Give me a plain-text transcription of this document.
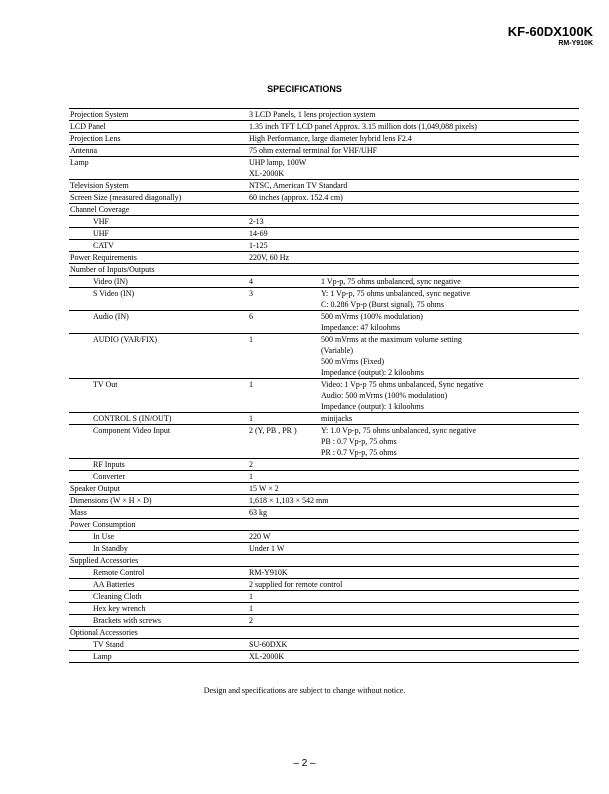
KF-60DX100K
RM-Y910K
SPECIFICATIONS
Projection System	3 LCD Panels, 1 lens projection system	

LCD Panel	1.35 inch TFT LCD panel Approx. 3.15 million dots (1,049,088 pixels)	

Projection Lens	High Performance, large diameter hybrid lens F2.4	

Antenna	75 ohm external terminal for VHF/UHF	

Lamp	UHP lamp, 100W
XL-2000K	

Television System	NTSC, American TV Standard	

Screen Size (measured diagonally)	60 inches (approx. 152.4 cm)	

Channel Coverage		

VHF	2-13	

UHF	14-69	

CATV	1-125	

Power Requirements	220V, 60 Hz	

Number of Inputs/Outputs		

Video (IN)	4	1 Vp-p, 75 ohms unbalanced, sync negative

S Video (IN)	3	Y: 1 Vp-p, 75 ohms unbalanced, sync negative
C: 0.286 Vp-p (Burst signal), 75 ohms

Audio (IN)	6	500 mVrms (100% modulation)
Impedance: 47 kiloohms

AUDIO (VAR/FIX)	1	500 mVrms at the maximum volume setting
(Variable)
500 mVrms (Fixed)
Impedance (output): 2 kiloohms

TV Out	1	Video: 1 Vp-p 75 ohms unbalanced, Sync negative
Audio: 500 mVrms (100% modulation)
Impedance (output): 1 kiloohms

CONTROL S (IN/OUT)	1	minijacks

Component Video Input	2 (Y, PB , PR )	Y: 1.0 Vp-p, 75 ohms unbalanced, sync negative
PB : 0.7 Vp-p, 75 ohms
PR : 0.7 Vp-p, 75 ohms

RF Inputs	2	

Converter	1	

Speaker Output	15 W × 2	

Dimensions (W × H × D)	1,618 × 1,103 × 542 mm	

Mass	63 kg	

Power Consumption		

In Use	220 W	

In Standby	Under 1 W	

Supplied Accessories		

Remote Control	RM-Y910K	

AA Batteries	2 supplied for remote control	

Cleaning Cloth	1	

Hex key wrench	1	

Brackets with screws	2	

Optional Accessories		

TV Stand	SU-60DXK	

Lamp	XL-2000K	
Design and specifications are subject to change without notice.
– 2 –
